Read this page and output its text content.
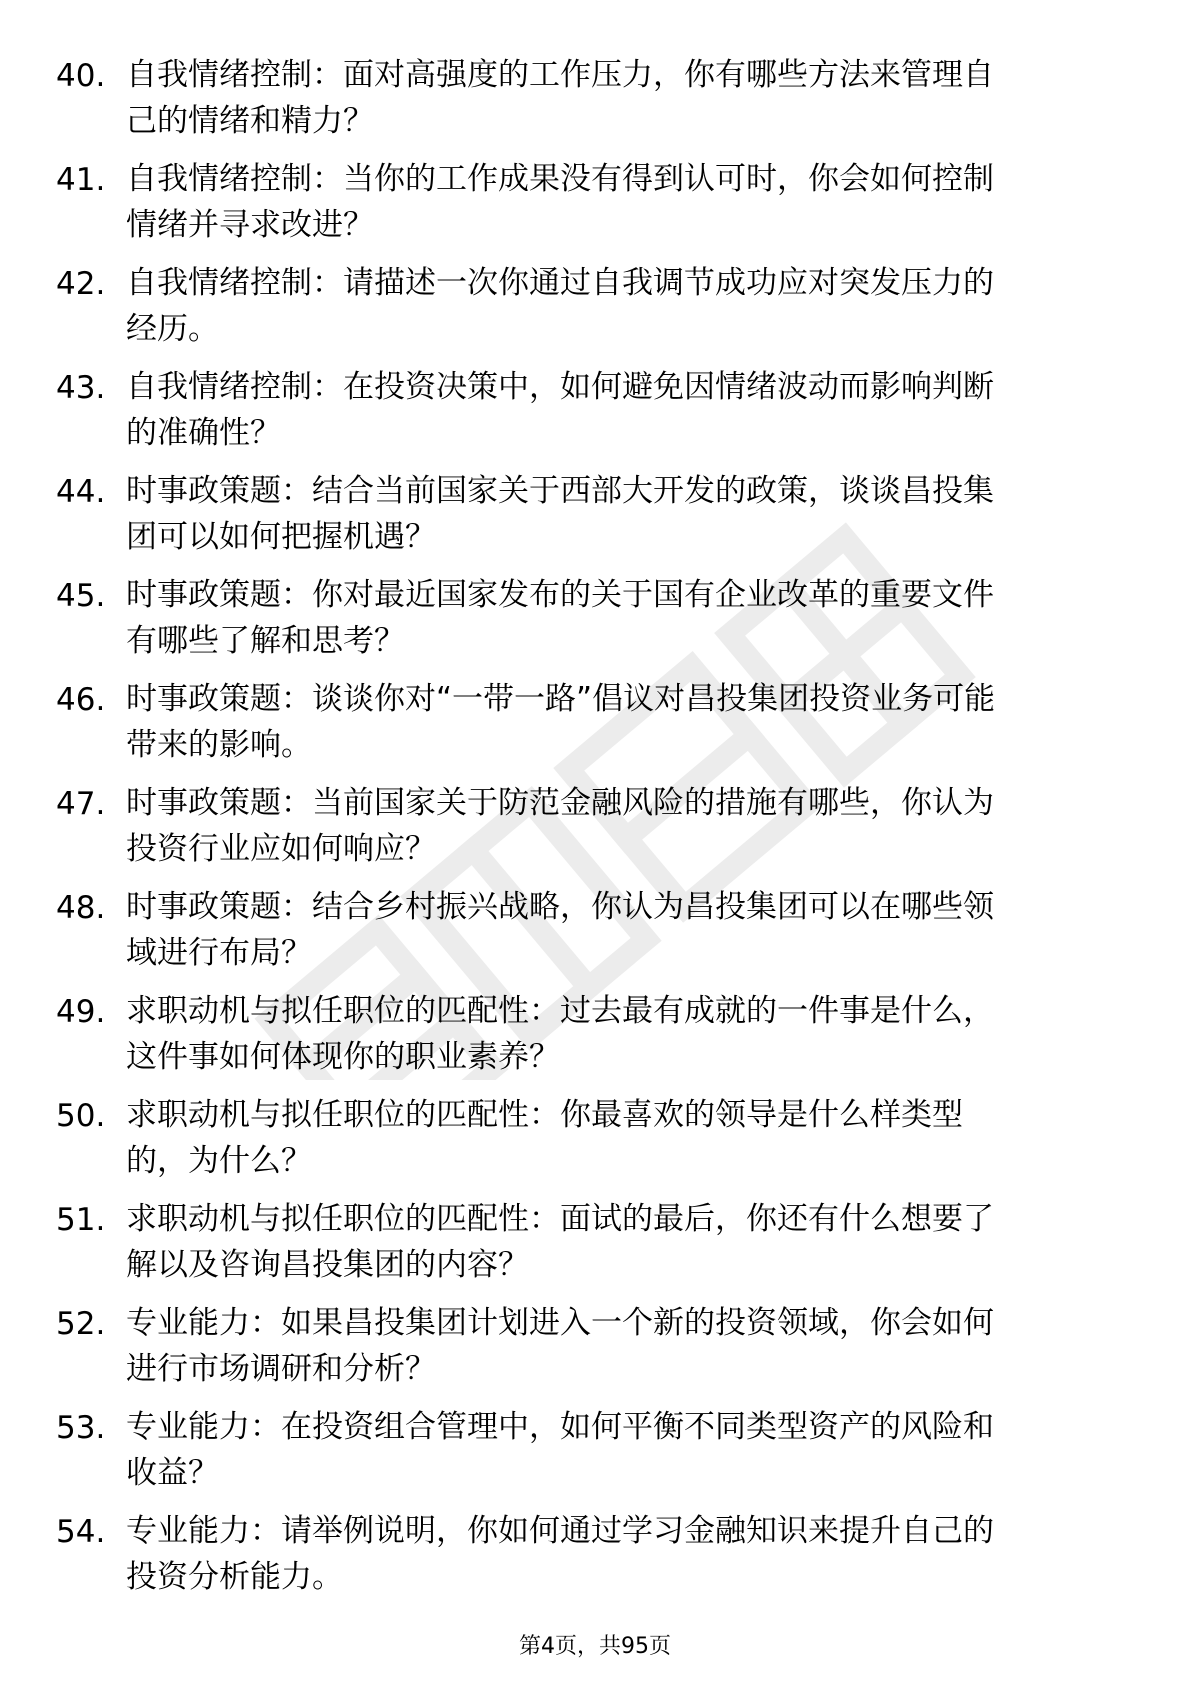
40. 自我情绪控制：面对高强度的工作压力，你有哪些方法来管理自
己的情绪和精力？
41. 自我情绪控制：当你的工作成果没有得到认可时，你会如何控制
情绪并寻求改进？
42. 自我情绪控制：请描述一次你通过自我调节成功应对突发压力的
经历。
43. 自我情绪控制：在投资决策中，如何避免因情绪波动而影响判断
的准确性？
44. 时事政策题：结合当前国家关于西部大开发的政策，谈谈昌投集
团可以如何把握机遇？
45. 时事政策题：你对最近国家发布的关于国有企业改革的重要文件
有哪些了解和思考？
46. 时事政策题：谈谈你对“一带一路”倡议对昌投集团投资业务可能
带来的影响。
47. 时事政策题：当前国家关于防范金融风险的措施有哪些，你认为
投资行业应如何响应？
48. 时事政策题：结合乡村振兴战略，你认为昌投集团可以在哪些领
域进行布局？
49. 求职动机与拟任职位的匹配性：过去最有成就的一件事是什么，
这件事如何体现你的职业素养？
50. 求职动机与拟任职位的匹配性：你最喜欢的领导是什么样类型
的，为什么？
51. 求职动机与拟任职位的匹配性：面试的最后，你还有什么想要了
解以及咨询昌投集团的内容？
52. 专业能力：如果昌投集团计划进入一个新的投资领域，你会如何
进行市场调研和分析？
53. 专业能力：在投资组合管理中，如何平衡不同类型资产的风险和
收益？
54. 专业能力：请举例说明，你如何通过学习金融知识来提升自己的
投资分析能力。
第4页，共95页
